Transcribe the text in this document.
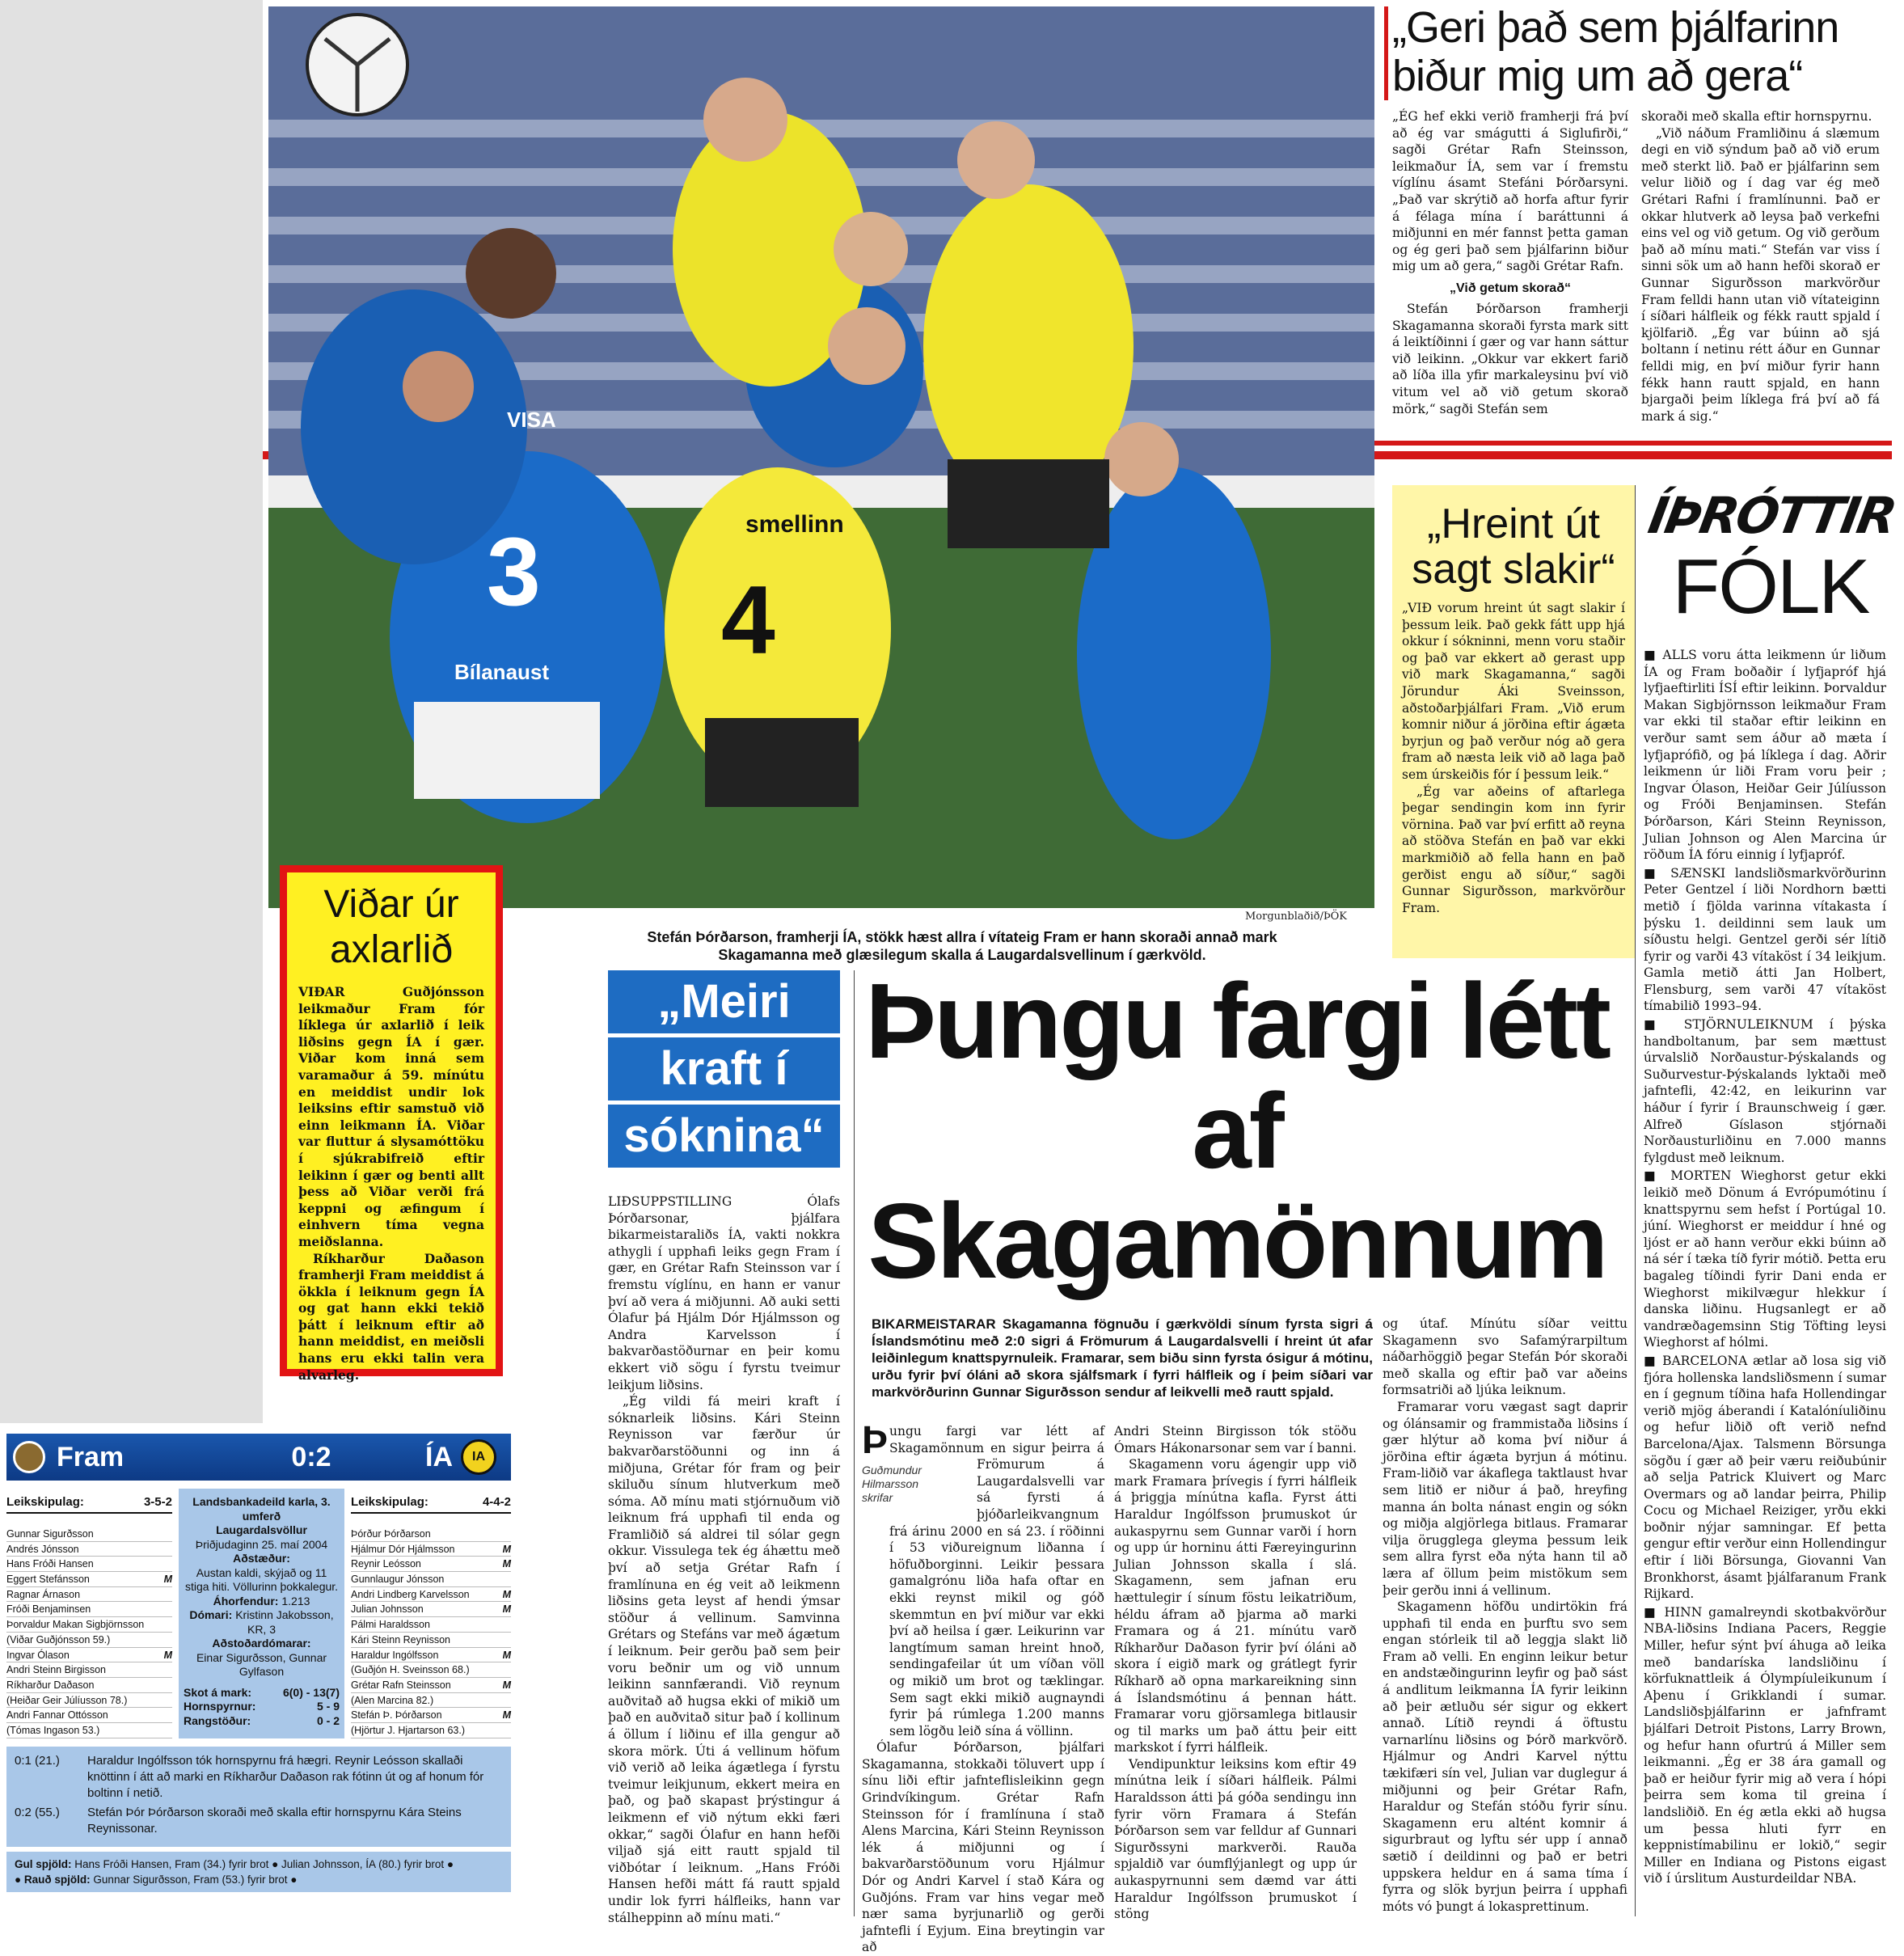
3 4
VISA
Bílanaust
smellinn
Morgunblaðið/ÞÖK
Stefán Þórðarson, framherji ÍA, stökk hæst allra í vítateig Fram er hann skoraði annað mark Skagamanna með glæsilegum skalla á Laugardalsvellinum í gærkvöld.
„Geri það sem þjálfarinn biður mig um að gera“

„ÉG hef ekki verið framherji frá því að ég var smágutti á Siglufirði,“ sagði Grétar Rafn Steinsson, leikmaður ÍA, sem var í fremstu víglínu ásamt Stefáni Þórðarsyni. „Það var skrýtið að horfa aftur fyrir á félaga mína í baráttunni á miðjunni en mér fannst þetta gaman og ég geri það sem þjálfarinn biður mig um að gera,“ sagði Grétar Rafn.

„Við getum skorað“

Stefán Þórðarson framherji Skagamanna skoraði fyrsta mark sitt á leiktíðinni í gær og var hann sáttur við leikinn. „Okkur var ekkert farið að líða illa yfir markaleysinu því við vitum vel að við getum skorað mörk,“ sagði Stefán sem

skoraði með skalla eftir hornspyrnu.

„Við náðum Framliðinu á slæmum degi en við sýndum það að við erum með sterkt lið. Það er þjálfarinn sem velur liðið og í dag var ég með Grétari Rafni í framlínunni. Það er okkar hlutverk að leysa það verkefni eins vel og við getum. Og við gerðum það að mínu mati.“ Stefán var viss í sinni sök um að hann hefði skorað er Gunnar Sigurðsson markvörður Fram felldi hann utan við vítateiginn í síðari hálfleik og fékk rautt spjald í kjölfarið. „Ég var búinn að sjá boltann í netinu rétt áður en Gunnar felldi mig, en því miður fyrir hann fékk hann rautt spjald, en hann bjargaði þeim líklega frá því að fá mark á sig.“

„Hreint út sagt slakir“

„VIÐ vorum hreint út sagt slakir í þessum leik. Það gekk fátt upp hjá okkur í sókninni, menn voru staðir og það var ekkert að gerast upp við mark Skagamanna,“ sagði Jörundur Áki Sveinsson, aðstoðarþjálfari Fram. „Við erum komnir niður á jörðina eftir ágæta byrjun og það verður nóg að gera fram að næsta leik við að laga það sem úrskeiðis fór í þessum leik.“

„Ég var aðeins of aftarlega þegar sendingin kom inn fyrir vörnina. Það var því erfitt að reyna að stöðva Stefán en það var ekki markmiðið að fella hann en það gerðist engu að síður,“ sagði Gunnar Sigurðsson, markvörður Fram.

ÍÞRÓTTIR
FÓLK

■ ALLS voru átta leikmenn úr liðum ÍA og Fram boðaðir í lyfjapróf hjá lyfjaeftirliti ÍSÍ eftir leikinn. Þorvaldur Makan Sigbjörnsson leikmaður Fram var ekki til staðar eftir leikinn en verður samt sem áður að mæta í lyfjaprófið, og þá líklega í dag. Aðrir leikmenn úr liði Fram voru þeir ; Ingvar Ólason, Heiðar Geir Júlíusson og Fróði Benjaminsen. Stefán Þórðarson, Kári Steinn Reynisson, Julian Johnson og Alen Marcina úr röðum ÍA fóru einnig í lyfjapróf.

■ SÆNSKI landsliðsmarkvörðurinn Peter Gentzel í liði Nordhorn bætti metið í fjölda varinna vítakasta í þýsku 1. deildinni sem lauk um síðustu helgi. Gentzel gerði sér lítið fyrir og varði 43 vítaköst í 34 leikjum. Gamla metið átti Jan Holbert, Flensburg, sem varði 47 vítaköst tímabilið 1993–94.

■ STJÖRNULEIKNUM í þýska handboltanum, þar sem mættust úrvalslið Norðaustur-Þýskalands og Suðurvestur-Þýskalands lyktaði með jafntefli, 42:42, en leikurinn var háður í fyrir í Braunschweig í gær. Alfreð Gíslason stjórnaði Norðausturliðinu en 7.000 manns fylgdust með leiknum.

■ MORTEN Wieghorst getur ekki leikið með Dönum á Evrópumótinu í knattspyrnu sem hefst í Portúgal 10. júní. Wieghorst er meiddur í hné og ljóst er að hann verður ekki búinn að ná sér í tæka tíð fyrir mótið. Þetta eru bagaleg tíðindi fyrir Dani enda er Wieghorst mikilvægur hlekkur í danska liðinu. Hugsanlegt er að vandræðagemsinn Stig Töfting leysi Wieghorst af hólmi.

■ BARCELONA ætlar að losa sig við fjóra hollenska landsliðsmenn í sumar en í gegnum tíðina hafa Hollendingar verið mjög áberandi í Katalóníuliðinu og hefur liðið oft verið nefnd Barcelona/Ajax. Talsmenn Börsunga sögðu í gær að þeir væru reiðubúnir að selja Patrick Kluivert og Marc Overmars og að landar þeirra, Philip Cocu og Michael Reiziger, yrðu ekki boðnir nýjar samningar. Ef þetta gengur eftir verður einn Hollendingur eftir í liði Börsunga, Giovanni Van Bronkhorst, ásamt þjálfaranum Frank Rijkard.

■ HINN gamalreyndi skotbakvörður NBA-liðsins Indiana Pacers, Reggie Miller, hefur sýnt því áhuga að leika með bandaríska landsliðinu í körfuknattleik á Ólympíuleikunum í Aþenu í Grikklandi í sumar. Landsliðsþjálfarinn er jafnframt þjálfari Detroit Pistons, Larry Brown, og hefur hann ofurtrú á Miller sem leikmanni. „Ég er 38 ára gamall og það er heiður fyrir mig að vera í hópi þeirra sem koma til greina í landsliðið. En ég ætla ekki að hugsa um þessa hluti fyrr en keppnistímabilinu er lokið,“ segir Miller en Indiana og Pistons eigast við í úrslitum Austurdeildar NBA.

Viðar úr axlarlið

VIÐAR Guðjónsson leikmaður Fram fór líklega úr axlarlið í leik liðsins gegn ÍA í gær. Viðar kom inná sem varamaður á 59. mínútu en meiddist undir lok leiksins eftir samstuð við einn leikmann ÍA. Viðar var fluttur á slysamóttöku í sjúkrabifreið eftir leikinn í gær og benti allt þess að Viðar verði frá keppni og æfingum í einhvern tíma vegna meiðslanna.

Ríkharður Daðason framherji Fram meiddist á ökkla í leiknum gegn ÍA og gat hann ekki tekið þátt í leiknum eftir að hann meiddist, en meiðsli hans eru ekki talin vera alvarleg.

„Meiri
kraft í
sóknina“

LIÐSUPPSTILLING Ólafs Þórðarsonar, þjálfara bikarmeistaraliðs ÍA, vakti nokkra athygli í upphafi leiks gegn Fram í gær, en Grétar Rafn Steinsson var í fremstu víglínu, en hann er vanur því að vera á miðjunni. Að auki setti Ólafur þá Hjálm Dór Hjálmsson og Andra Karvelsson í bakvarðastöðurnar en þeir komu ekkert við sögu í fyrstu tveimur leikjum liðsins.

„Ég vildi fá meiri kraft í sóknarleik liðsins. Kári Steinn Reynisson var færður úr bakvarðarstöðunni og inn á miðjuna, Grétar fór fram og þeir skiluðu sínum hlutverkum með sóma. Að mínu mati stjórnuðum við leiknum frá upphafi til enda og Framliðið sá aldrei til sólar gegn okkur. Vissulega tek ég áhættu með því að setja Grétar Rafn í framlínuna en ég veit að leikmenn liðsins geta leyst af hendi ýmsar stöður á vellinum. Samvinna Grétars og Stefáns var með ágætum í leiknum. Þeir gerðu það sem þeir voru beðnir um og við unnum leikinn sannfærandi. Við reynum auðvitað að hugsa ekki of mikið um það en auðvitað situr það í kollinum á öllum í liðinu ef illa gengur að skora mörk. Úti á vellinum höfum við verið að leika ágætlega í fyrstu tveimur leikjunum, ekkert meira en það, og það skapast þrýstingur á leikmenn ef við nýtum ekki færi okkar,“ sagði Ólafur en hann hefði viljað sjá eitt rautt spjald til viðbótar í leiknum. „Hans Fróði Hansen hefði mátt fá rautt spjald undir lok fyrri hálfleiks, hann var stálheppinn að mínu mati.“

Þungu fargi létt af Skagamönnum
BIKARMEISTARAR Skagamanna fögnuðu í gærkvöldi sínum fyrsta sigri á Íslandsmótinu með 2:0 sigri á Frömurum á Laugardalsvelli í hreint út afar leiðinlegum knattspyrnuleik. Framarar, sem biðu sinn fyrsta ósigur á mótinu, urðu fyrir því óláni að skora sjálfsmark í fyrri hálfleik og í þeim síðari var markvörðurinn Gunnar Sigurðsson sendur af leikvelli með rautt spjald.
Þ
Guðmundur Hilmarsson
skrifar

ungu fargi var létt af Skagamönnum en sigur þeirra á Frömurum á Laugardalsvelli var sá fyrsti á þjóðarleikvangnum frá árinu 2000 en sá 23. í röðinni í 53 viðureignum liðanna í höfuðborginni. Leikir þessara gamalgrónu liða hafa oftar en ekki reynst mikil og góð skemmtun en því miður var ekki því að heilsa í gær. Leikurinn var langtímum saman hreint hnoð, sendingafeilar út um víðan völl og mikið um brot og tæklingar. Sem sagt ekki mikið augnayndi fyrir þá rúmlega 1.200 manns sem lögðu leið sína á völlinn.

Ólafur Þórðarson, þjálfari Skagamanna, stokkaði töluvert upp í sínu liði eftir jafnteflisleikinn gegn Grindvíkingum. Grétar Rafn Steinsson fór í framlínuna í stað Alens Marcina, Kári Steinn Reynisson lék á miðjunni og í bakvarðarstöðunum voru Hjálmur Dór og Andri Karvel í stað Kára og Guðjóns. Fram var hins vegar með nær sama byrjunarlið og gerði jafntefli í Eyjum. Eina breytingin var að

Andri Steinn Birgisson tók stöðu Ómars Hákonarsonar sem var í banni.

Skagamenn voru ágengir upp við mark Framara þrívegis í fyrri hálfleik á þriggja mínútna kafla. Fyrst átti Haraldur Ingólfsson þrumuskot úr aukaspyrnu sem Gunnar varði í horn og upp úr horninu átti Færeyingurinn Julian Johnsson skalla í slá. Skagamenn, sem jafnan eru hættulegir í sínum föstu leikatriðum, héldu áfram að þjarma að marki Framara og á 21. mínútu varð Ríkharður Daðason fyrir því óláni að skora í eigið mark og grátlegt fyrir Ríkharð að opna markareikning sinn á Íslandsmótinu á þennan hátt. Framarar voru gjörsamlega bitlausir og til marks um það áttu þeir eitt markskot í fyrri hálfleik.

Vendipunktur leiksins kom eftir 49 mínútna leik í síðari hálfleik. Pálmi Haraldsson átti þá góða sendingu inn fyrir vörn Framara á Stefán Þórðarson sem var felldur af Gunnari Sigurðssyni markverði. Rauða spjaldið var óumflýjanlegt og upp úr aukaspyrnunni sem dæmd var átti Haraldur Ingólfsson þrumuskot í stöng

og útaf. Mínútu síðar veittu Skagamenn svo Safamýrarpiltum náðarhöggið þegar Stefán Þór skoraði með skalla og eftir það var aðeins formsatriði að ljúka leiknum.

Framarar voru vægast sagt daprir og ólánsamir og frammistaða liðsins í gær hlýtur að koma því niður á jörðina eftir ágæta byrjun á mótinu. Fram-liðið var ákaflega taktlaust hvar sem litið er niður á það, hreyfing manna án bolta nánast engin og sókn og miðja algjörlega bitlaus. Framarar vilja örugglega gleyma þessum leik sem allra fyrst eða nýta hann til að læra af öllum þeim mistökum sem þeir gerðu inni á vellinum.

Skagamenn höfðu undirtökin frá upphafi til enda en þurftu svo sem engan stórleik til að leggja slakt lið Fram að velli. En enginn leikur betur en andstæðingurinn leyfir og það sást á andlitum leikmanna ÍA fyrir leikinn að þeir ætluðu sér sigur og ekkert annað. Lítið reyndi á öftustu varnarlínu liðsins og Þórð markvörð. Hjálmur og Andri Karvel nýttu tækifæri sín vel, Julian var duglegur á miðjunni og þeir Grétar Rafn, Haraldur og Stefán stóðu fyrir sínu. Skagamenn eru altént komnir á sigurbraut og lyftu sér upp í annað sætið í deildinni og það er betri uppskera heldur en á sama tíma í fyrra og slök byrjun þeirra í upphafi móts vó þungt á lokasprettinum.

Fram	0:2	ÍA	IA
Leikskipulag:	3-5-2
Gunnar Sigurðsson
Andrés Jónsson
Hans Fróði Hansen
Eggert Stefánsson	M
Ragnar Árnason
Fróði Benjaminsen
Þorvaldur Makan Sigbjörnsson
(Viðar Guðjónsson 59.)
Ingvar Ólason	M
Andri Steinn Birgisson
Ríkharður Daðason
(Heiðar Geir Júlíusson 78.)
Andri Fannar Ottósson
(Tómas Ingason 53.)
Landsbankadeild karla, 3. umferð
Laugardalsvöllur
Þriðjudaginn 25. maí 2004
Aðstæður:
Austan kaldi, skýjað og 11 stiga hiti. Völlurinn þokkalegur.
Áhorfendur: 1.213
Dómari: Kristinn Jakobsson, KR, 3
Aðstoðardómarar:
Einar Sigurðsson, Gunnar Gylfason
Skot á mark:	6(0) - 13(7)
Hornspyrnur:	5 - 9
Rangstöður:	0 - 2
Leikskipulag:	4-4-2
Þórður Þórðarson
Hjálmur Dór Hjálmsson	M
Reynir Leósson	M
Gunnlaugur Jónsson
Andri Lindberg Karvelsson	M
Julian Johnsson	M
Pálmi Haraldsson
Kári Steinn Reynisson
Haraldur Ingólfsson	M
(Guðjón H. Sveinsson 68.)
Grétar Rafn Steinsson	M
(Alen Marcina 82.)
Stefán Þ. Þórðarson	M
(Hjörtur J. Hjartarson 63.)
0:1 (21.)	Haraldur Ingólfsson tók hornspyrnu frá hægri. Reynir Leósson skallaði knöttinn í átt að marki en Ríkharður Daðason rak fótinn út og af honum fór boltinn í netið.
0:2 (55.)	Stefán Þór Þórðarson skoraði með skalla eftir hornspyrnu Kára Steins Reynissonar.
Gul spjöld: Hans Fróði Hansen, Fram (34.) fyrir brot ● Julian Johnsson, ÍA (80.) fyrir brot ●
● Rauð spjöld: Gunnar Sigurðsson, Fram (53.) fyrir brot ●
